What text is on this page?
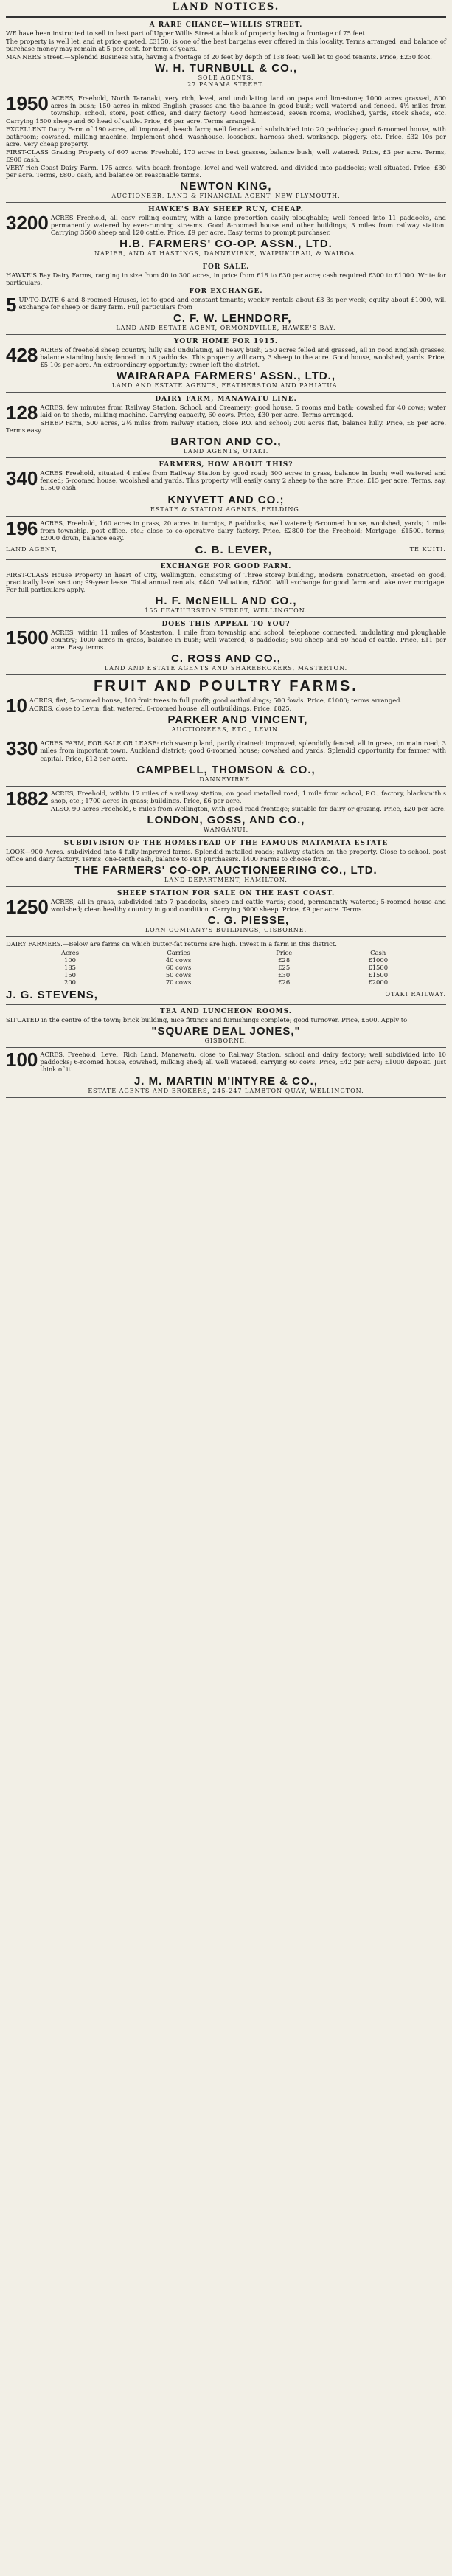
LAND NOTICES.
A RARE CHANCE—WILLIS STREET.
WE have been instructed to sell in best part of Upper Willis Street a block of property having a frontage of 75 feet.
The property is well let, and at price quoted, £3150, is one of the best bargains ever offered in this locality. Terms arranged, and balance of purchase money may remain at 5 per cent. for term of years.
MANNERS Street.—Splendid Business Site, having a frontage of 20 feet by depth of 138 feet; well let to good tenants. Price, £230 foot.
W. H. TURNBULL & CO.,
SOLE AGENTS,
27 PANAMA STREET.
1950 ACRES, Freehold, North Taranaki, very rich, level, and undulating land on papa and limestone; 1000 acres grassed, 800 acres in bush; 150 acres in mixed English grasses and the balance in good bush; well watered and fenced, 4½ miles from township, school, store, post office, and dairy factory. Good homestead, seven rooms, woolshed, yards, stock sheds, etc. Carrying 1500 sheep and 60 head of cattle. Price, £6 per acre. Terms arranged.
EXCELLENT Dairy Farm of 190 acres, all improved; beach farm; well fenced and subdivided into 20 paddocks; good 6-roomed house, with bathroom; cowshed, milking machine, implement shed, washhouse, loosebox, harness shed, workshop, piggery, etc. Price, £32 10s per acre. Very cheap property.
FIRST-CLASS Grazing Property of 607 acres Freehold, 170 acres in best grasses, balance bush; well watered. Price, £3 per acre. Terms, £900 cash.
VERY rich Coast Dairy Farm, 175 acres, with beach frontage, level and well watered, and divided into paddocks; well situated. Price, £30 per acre. Terms, £800 cash, and balance on reasonable terms.
NEWTON KING,
AUCTIONEER, LAND & FINANCIAL AGENT, NEW PLYMOUTH.
HAWKE'S BAY SHEEP RUN, CHEAP.
3200 ACRES Freehold, all easy rolling country, with a large proportion easily ploughable; well fenced into 11 paddocks, and permanently watered by ever-running streams. Good 8-roomed house and other buildings; 3 miles from railway station. Carrying 3500 sheep and 120 cattle. Price, £9 per acre. Easy terms to prompt purchaser.
H.B. FARMERS' CO-OP. ASSN., LTD.
NAPIER, AND AT HASTINGS, DANNEVIRKE, WAIPUKURAU, & WAIROA.
FOR SALE.
HAWKE'S Bay Dairy Farms, ranging in size from 40 to 300 acres, in price from £18 to £30 per acre; cash required £300 to £1000. Write for particulars.
FOR EXCHANGE.
5 UP-TO-DATE 6 and 8-roomed Houses, let to good and constant tenants; weekly rentals about £3 3s per week; equity about £1000, will exchange for sheep or dairy farm. Full particulars from
C. F. W. LEHNDORF,
LAND AND ESTATE AGENT, ORMONDVILLE, HAWKE'S BAY.
YOUR HOME FOR 1915.
428 ACRES of freehold sheep country, hilly and undulating, all heavy bush; 250 acres felled and grassed, all in good English grasses, balance standing bush; fenced into 8 paddocks. This property will carry 3 sheep to the acre. Good house, woolshed, yards. Price, £5 10s per acre. An extraordinary opportunity; owner left the district.
WAIRARAPA FARMERS' ASSN., LTD.,
LAND AND ESTATE AGENTS, FEATHERSTON AND PAHIATUA.
DAIRY FARM, MANAWATU LINE.
128 ACRES, few minutes from Railway Station, School, and Creamery; good house, 5 rooms and bath; cowshed for 40 cows; water laid on to sheds, milking machine. Carrying capacity, 60 cows. Price, £30 per acre. Terms arranged.
SHEEP Farm, 500 acres, 2½ miles from railway station, close P.O. and school; 200 acres flat, balance hilly. Price, £8 per acre. Terms easy.
BARTON AND CO.,
LAND AGENTS, OTAKI.
FARMERS, HOW ABOUT THIS?
340 ACRES Freehold, situated 4 miles from Railway Station by good road; 300 acres in grass, balance in bush; well watered and fenced; 5-roomed house, woolshed and yards. This property will easily carry 2 sheep to the acre. Price, £15 per acre. Terms, say, £1500 cash.
KNYVETT AND CO.;
ESTATE & STATION AGENTS, FEILDING.
196 ACRES, Freehold, 160 acres in grass, 20 acres in turnips, 8 paddocks, well watered; 6-roomed house, woolshed, yards; 1 mile from township, post office, etc.; close to co-operative dairy factory. Price, £2800 for the Freehold; Mortgage, £1500, terms; £2000 down, balance easy.
LAND AGENT,	C. B. LEVER,	TE KUITI.
EXCHANGE FOR GOOD FARM.
FIRST-CLASS House Property in heart of City, Wellington, consisting of Three storey building, modern construction, erected on good, practically level section; 99-year lease. Total annual rentals, £440. Valuation, £4500. Will exchange for good farm and take over mortgage. For full particulars apply.
H. F. McNEILL AND CO.,
155 FEATHERSTON STREET, WELLINGTON.
DOES THIS APPEAL TO YOU?
1500 ACRES, within 11 miles of Masterton, 1 mile from township and school, telephone connected, undulating and ploughable country; 1000 acres in grass, balance in bush; well watered; 8 paddocks; 500 sheep and 50 head of cattle. Price, £11 per acre. Easy terms.
C. ROSS AND CO.,
LAND AND ESTATE AGENTS AND SHAREBROKERS, MASTERTON.
FRUIT AND POULTRY FARMS.
10 ACRES, flat, 5-roomed house, 100 fruit trees in full profit; good outbuildings; 500 fowls. Price, £1000; terms arranged.
ACRES, close to Levin, flat, watered, 6-roomed house, all outbuildings. Price, £825.
PARKER AND VINCENT,
AUCTIONEERS, ETC., LEVIN.
330 ACRES FARM, FOR SALE OR LEASE: rich swamp land, partly drained; improved, splendidly fenced, all in grass, on main road; 3 miles from important town. Auckland district; good 6-roomed house; cowshed and yards. Splendid opportunity for farmer with capital. Price, £12 per acre.
CAMPBELL, THOMSON & CO.,
DANNEVIRKE.
1882 ACRES, Freehold, within 17 miles of a railway station, on good metalled road; 1 mile from school, P.O., factory, blacksmith's shop, etc.; 1700 acres in grass; buildings. Price, £6 per acre.
ALSO, 90 acres Freehold, 6 miles from Wellington, with good road frontage; suitable for dairy or grazing. Price, £20 per acre.
LONDON, GOSS, AND CO.,
WANGANUI.
SUBDIVISION OF THE HOMESTEAD OF THE FAMOUS MATAMATA ESTATE
LOOK—900 Acres, subdivided into 4 fully-improved farms. Splendid metalled roads; railway station on the property. Close to school, post office and dairy factory. Terms: one-tenth cash, balance to suit purchasers. 1400 Farms to choose from.
THE FARMERS' CO-OP. AUCTIONEERING CO., LTD.
LAND DEPARTMENT, HAMILTON.
SHEEP STATION FOR SALE ON THE EAST COAST.
1250 ACRES, all in grass, subdivided into 7 paddocks, sheep and cattle yards; good, permanently watered; 5-roomed house and woolshed; clean healthy country in good condition. Carrying 3000 sheep. Price, £9 per acre. Terms.
C. G. PIESSE,
LOAN COMPANY'S BUILDINGS, GISBORNE.
DAIRY FARMERS.—Below are farms on which butter-fat returns are high. Invest in a farm in this district.
Acres	Carries	Price	Cash
100	40 cows	£28	£1000
185	60 cows	£25	£1500
150	50 cows	£30	£1500
200	70 cows	£26	£2000
J. G. STEVENS,	OTAKI RAILWAY.
TEA AND LUNCHEON ROOMS.
SITUATED in the centre of the town; brick building, nice fittings and furnishings complete; good turnover. Price, £500. Apply to
"SQUARE DEAL JONES,"
GISBORNE.
100 ACRES, Freehold, Level, Rich Land, Manawatu, close to Railway Station, school and dairy factory; well subdivided into 10 paddocks; 6-roomed house, cowshed, milking shed; all well watered, carrying 60 cows. Price, £42 per acre; £1000 deposit. Just think of it!
J. M. MARTIN M'INTYRE & CO.,
ESTATE AGENTS AND BROKERS, 245-247 LAMBTON QUAY, WELLINGTON.
